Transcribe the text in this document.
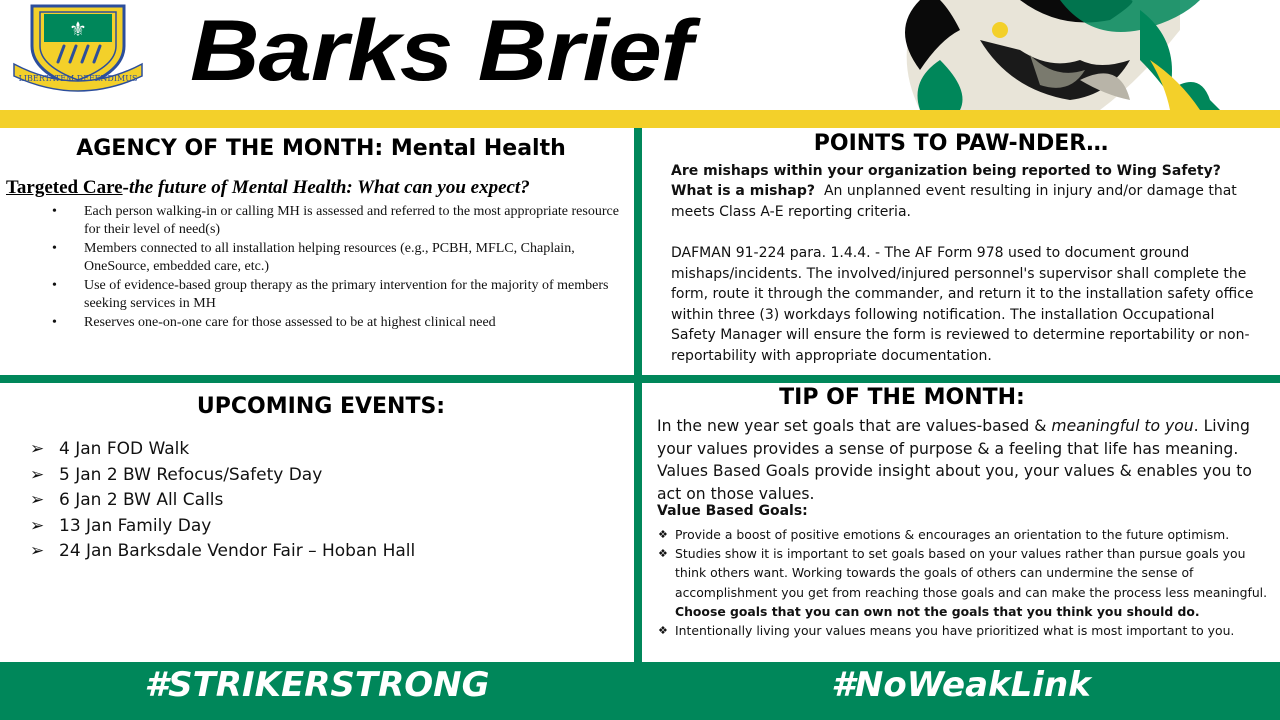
⚜
LIBERTATEM DEFENDIMUS Barks Brief
AGENCY OF THE MONTH: Mental Health
Targeted Care-the future of Mental Health: What can you expect?
• Each person walking-in or calling MH is assessed and referred to the most appropriate resource for their level of need(s)
• Members connected to all installation helping resources (e.g., PCBH, MFLC, Chaplain, OneSource, embedded care, etc.)
• Use of evidence-based group therapy as the primary intervention for the majority of members seeking services in MH
• Reserves one-on-one care for those assessed to be at highest clinical need
POINTS TO PAW-NDER…
Are mishaps within your organization being reported to Wing Safety?
What is a mishap? An unplanned event resulting in injury and/or damage that meets Class A-E reporting criteria.
DAFMAN 91-224 para. 1.4.4. - The AF Form 978 used to document ground mishaps/incidents. The involved/injured personnel's supervisor shall complete the form, route it through the commander, and return it to the installation safety office within three (3) workdays following notification. The installation Occupational Safety Manager will ensure the form is reviewed to determine reportability or non-reportability with appropriate documentation.
UPCOMING EVENTS:
➢ 4 Jan FOD Walk
➢ 5 Jan 2 BW Refocus/Safety Day
➢ 6 Jan 2 BW All Calls
➢ 13 Jan Family Day
➢ 24 Jan Barksdale Vendor Fair – Hoban Hall
TIP OF THE MONTH:
In the new year set goals that are values-based & meaningful to you. Living your values provides a sense of purpose & a feeling that life has meaning. Values Based Goals provide insight about you, your values & enables you to act on those values.
Value Based Goals:
❖ Provide a boost of positive emotions & encourages an orientation to the future optimism.
❖ Studies show it is important to set goals based on your values rather than pursue goals you think others want. Working towards the goals of others can undermine the sense of accomplishment you get from reaching those goals and can make the process less meaningful. Choose goals that you can own not the goals that you think you should do.
❖ Intentionally living your values means you have prioritized what is most important to you.
#STRIKERSTRONG	#NoWeakLink
